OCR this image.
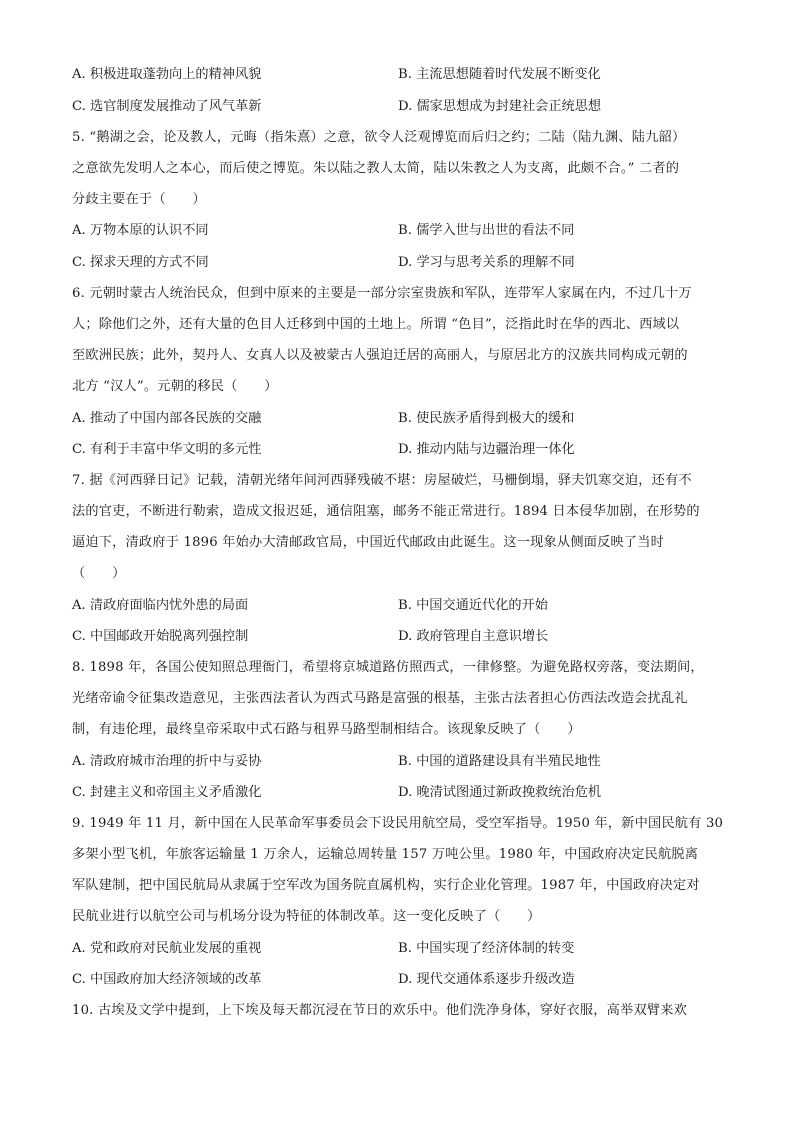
A. 积极进取蓬勃向上的精神风貌	B. 主流思想随着时代发展不断变化
C. 选官制度发展推动了风气革新	D. 儒家思想成为封建社会正统思想
5. “鹅湖之会，论及教人，元晦（指朱熹）之意，欲令人泛观博览而后归之约；二陆（陆九渊、陆九韶）
之意欲先发明人之本心，而后使之博览。朱以陆之教人太简，陆以朱教之人为支离，此颇不合。” 二者的
分歧主要在于（　　）
A. 万物本原的认识不同	B. 儒学入世与出世的看法不同
C. 探求天理的方式不同	D. 学习与思考关系的理解不同
6. 元朝时蒙古人统治民众，但到中原来的主要是一部分宗室贵族和军队，连带军人家属在内，不过几十万
人；除他们之外，还有大量的色目人迁移到中国的土地上。所谓 “色目”，泛指此时在华的西北、西域以
至欧洲民族；此外，契丹人、女真人以及被蒙古人强迫迁居的高丽人，与原居北方的汉族共同构成元朝的
北方 “汉人”。元朝的移民（　　）
A. 推动了中国内部各民族的交融	B. 使民族矛盾得到极大的缓和
C. 有利于丰富中华文明的多元性	D. 推动内陆与边疆治理一体化
7. 据《河西驿日记》记载，清朝光绪年间河西驿残破不堪：房屋破烂，马栅倒塌，驿夫饥寒交迫，还有不
法的官吏，不断进行勒索，造成文报迟延，通信阻塞，邮务不能正常进行。1894 日本侵华加剧，在形势的
逼迫下，清政府于 1896 年始办大清邮政官局，中国近代邮政由此诞生。这一现象从侧面反映了当时
（　　）
A. 清政府面临内忧外患的局面	B. 中国交通近代化的开始
C. 中国邮政开始脱离列强控制	D. 政府管理自主意识增长
8. 1898 年，各国公使知照总理衙门，希望将京城道路仿照西式，一律修整。为避免路权旁落，变法期间，
光绪帝谕令征集改造意见，主张西法者认为西式马路是富强的根基，主张古法者担心仿西法改造会扰乱礼
制，有违伦理，最终皇帝采取中式石路与租界马路型制相结合。该现象反映了（　　）
A. 清政府城市治理的折中与妥协	B. 中国的道路建设具有半殖民地性
C. 封建主义和帝国主义矛盾激化	D. 晚清试图通过新政挽救统治危机
9. 1949 年 11 月，新中国在人民革命军事委员会下设民用航空局，受空军指导。1950 年，新中国民航有 30
多架小型飞机，年旅客运输量 1 万余人，运输总周转量 157 万吨公里。1980 年，中国政府决定民航脱离
军队建制，把中国民航局从隶属于空军改为国务院直属机构，实行企业化管理。1987 年，中国政府决定对
民航业进行以航空公司与机场分设为特征的体制改革。这一变化反映了（　　）
A. 党和政府对民航业发展的重视	B. 中国实现了经济体制的转变
C. 中国政府加大经济领域的改革	D. 现代交通体系逐步升级改造
10. 古埃及文学中提到，上下埃及每天都沉浸在节日的欢乐中。他们洗净身体，穿好衣服，高举双臂来欢
